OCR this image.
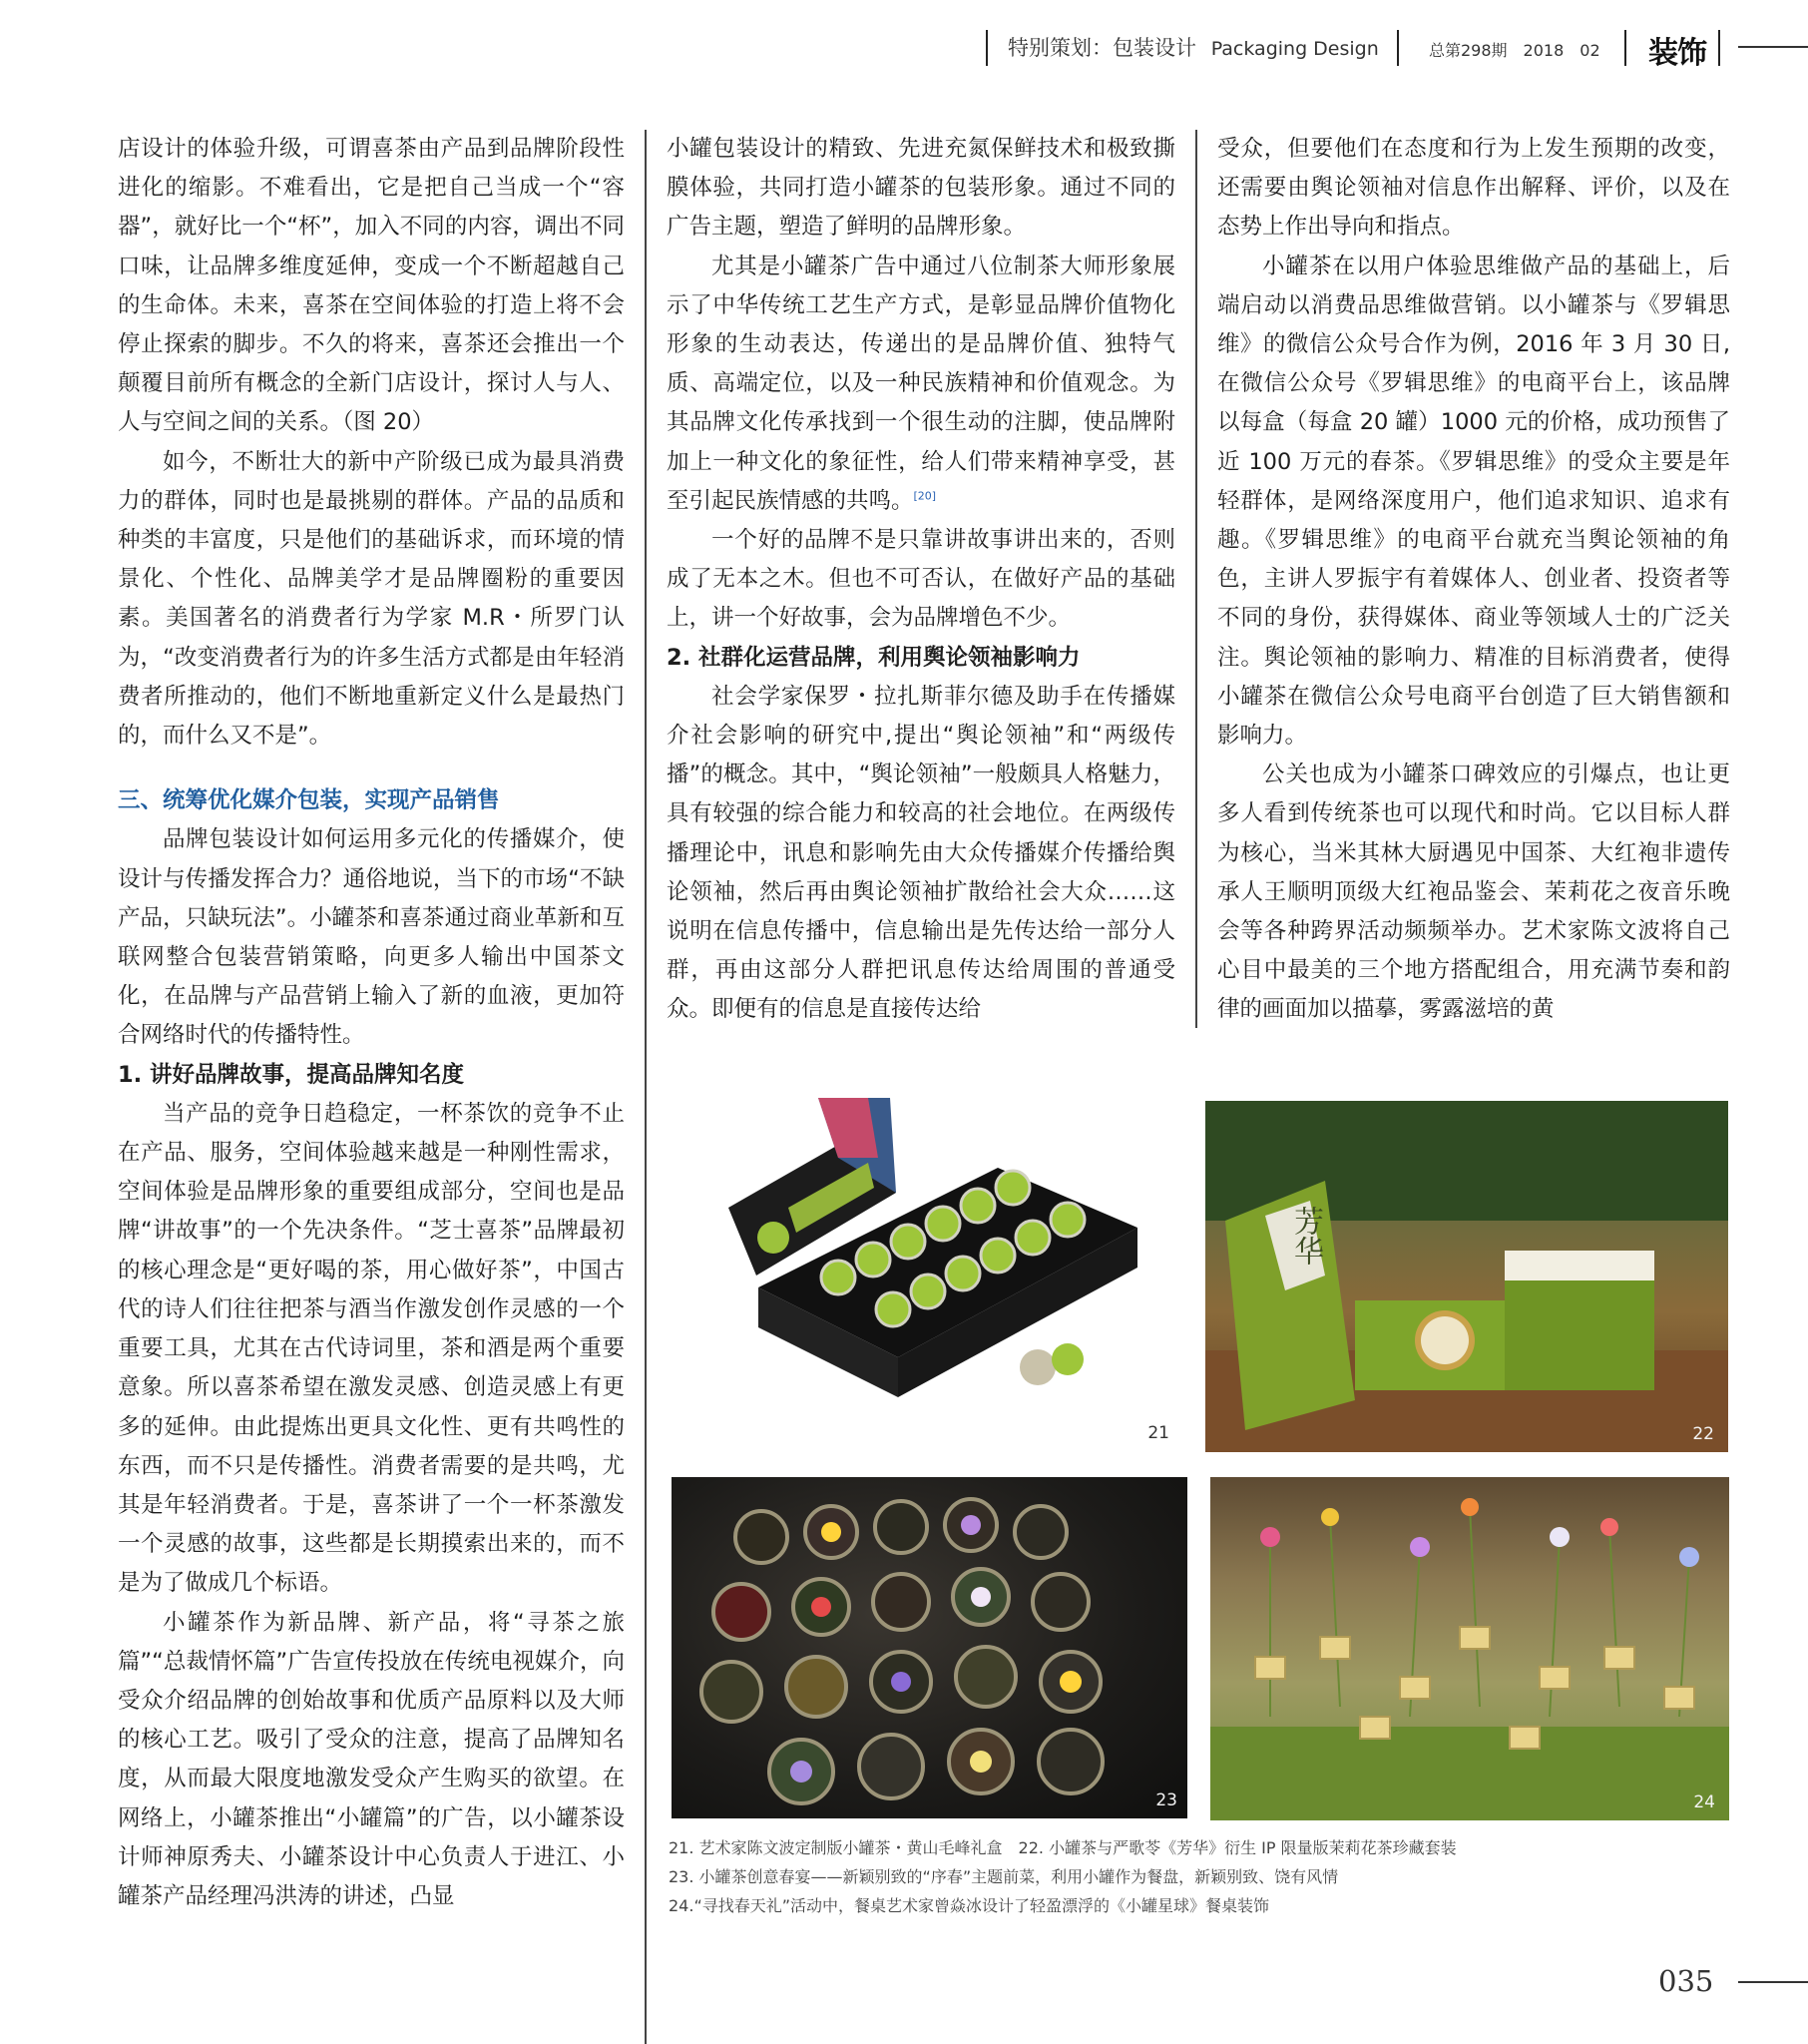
特别策划：包装设计 Packaging Design	总第298期　2018　02 装饰

店设计的体验升级，可谓喜茶由产品到品牌阶段性进化的缩影。不难看出，它是把自己当成一个“容器”，就好比一个“杯”，加入不同的内容，调出不同口味，让品牌多维度延伸，变成一个不断超越自己的生命体。未来，喜茶在空间体验的打造上将不会停止探索的脚步。不久的将来，喜茶还会推出一个颠覆目前所有概念的全新门店设计，探讨人与人、人与空间之间的关系。（图 20）

如今，不断壮大的新中产阶级已成为最具消费力的群体，同时也是最挑剔的群体。产品的品质和种类的丰富度，只是他们的基础诉求，而环境的情景化、个性化、品牌美学才是品牌圈粉的重要因素。美国著名的消费者行为学家 M.R・所罗门认为，“改变消费者行为的许多生活方式都是由年轻消费者所推动的，他们不断地重新定义什么是最热门的，而什么又不是”。

三、统筹优化媒介包装，实现产品销售

品牌包装设计如何运用多元化的传播媒介，使设计与传播发挥合力？通俗地说，当下的市场“不缺产品，只缺玩法”。小罐茶和喜茶通过商业革新和互联网整合包装营销策略，向更多人输出中国茶文化，在品牌与产品营销上输入了新的血液，更加符合网络时代的传播特性。

1. 讲好品牌故事，提高品牌知名度

当产品的竞争日趋稳定，一杯茶饮的竞争不止在产品、服务，空间体验越来越是一种刚性需求，空间体验是品牌形象的重要组成部分，空间也是品牌“讲故事”的一个先决条件。“芝士喜茶”品牌最初的核心理念是“更好喝的茶，用心做好茶”，中国古代的诗人们往往把茶与酒当作激发创作灵感的一个重要工具，尤其在古代诗词里，茶和酒是两个重要意象。所以喜茶希望在激发灵感、创造灵感上有更多的延伸。由此提炼出更具文化性、更有共鸣性的东西，而不只是传播性。消费者需要的是共鸣，尤其是年轻消费者。于是，喜茶讲了一个一杯茶激发一个灵感的故事，这些都是长期摸索出来的，而不是为了做成几个标语。

小罐茶作为新品牌、新产品，将“寻茶之旅篇”“总裁情怀篇”广告宣传投放在传统电视媒介，向受众介绍品牌的创始故事和优质产品原料以及大师的核心工艺。吸引了受众的注意，提高了品牌知名度，从而最大限度地激发受众产生购买的欲望。在网络上，小罐茶推出“小罐篇”的广告，以小罐茶设计师神原秀夫、小罐茶设计中心负责人于进江、小罐茶产品经理冯洪涛的讲述，凸显

小罐包装设计的精致、先进充氮保鲜技术和极致撕膜体验，共同打造小罐茶的包装形象。通过不同的广告主题，塑造了鲜明的品牌形象。

尤其是小罐茶广告中通过八位制茶大师形象展示了中华传统工艺生产方式，是彰显品牌价值物化形象的生动表达，传递出的是品牌价值、独特气质、高端定位，以及一种民族精神和价值观念。为其品牌文化传承找到一个很生动的注脚，使品牌附加上一种文化的象征性，给人们带来精神享受，甚至引起民族情感的共鸣。[20]

一个好的品牌不是只靠讲故事讲出来的，否则成了无本之木。但也不可否认，在做好产品的基础上，讲一个好故事，会为品牌增色不少。

2. 社群化运营品牌，利用舆论领袖影响力

社会学家保罗・拉扎斯菲尔德及助手在传播媒介社会影响的研究中,提出“舆论领袖”和“两级传播”的概念。其中，“舆论领袖”一般颇具人格魅力，具有较强的综合能力和较高的社会地位。在两级传播理论中，讯息和影响先由大众传播媒介传播给舆论领袖，然后再由舆论领袖扩散给社会大众……这说明在信息传播中，信息输出是先传达给一部分人群，再由这部分人群把讯息传达给周围的普通受众。即便有的信息是直接传达给

受众，但要他们在态度和行为上发生预期的改变，还需要由舆论领袖对信息作出解释、评价，以及在态势上作出导向和指点。

小罐茶在以用户体验思维做产品的基础上，后端启动以消费品思维做营销。以小罐茶与《罗辑思维》的微信公众号合作为例，2016 年 3 月 30 日, 在微信公众号《罗辑思维》的电商平台上，该品牌以每盒（每盒 20 罐）1000 元的价格，成功预售了近 100 万元的春茶。《罗辑思维》的受众主要是年轻群体，是网络深度用户，他们追求知识、追求有趣。《罗辑思维》的电商平台就充当舆论领袖的角色，主讲人罗振宇有着媒体人、创业者、投资者等不同的身份，获得媒体、商业等领域人士的广泛关注。舆论领袖的影响力、精准的目标消费者，使得小罐茶在微信公众号电商平台创造了巨大销售额和影响力。

公关也成为小罐茶口碑效应的引爆点，也让更多人看到传统茶也可以现代和时尚。它以目标人群为核心，当米其林大厨遇见中国茶、大红袍非遗传承人王顺明顶级大红袍品鉴会、茉莉花之夜音乐晚会等各种跨界活动频频举办。艺术家陈文波将自己心目中最美的三个地方搭配组合，用充满节奏和韵律的画面加以描摹，雾露滋培的黄

21
芳华
22
23	24
21. 艺术家陈文波定制版小罐茶・黄山毛峰礼盒　22. 小罐茶与严歌苓《芳华》衍生 IP 限量版茉莉花茶珍藏套装
23. 小罐茶创意春宴——新颖别致的“序春”主题前菜，利用小罐作为餐盘，新颖别致、饶有风情
24.“寻找春天礼”活动中，餐桌艺术家曾焱冰设计了轻盈漂浮的《小罐星球》餐桌装饰
035
